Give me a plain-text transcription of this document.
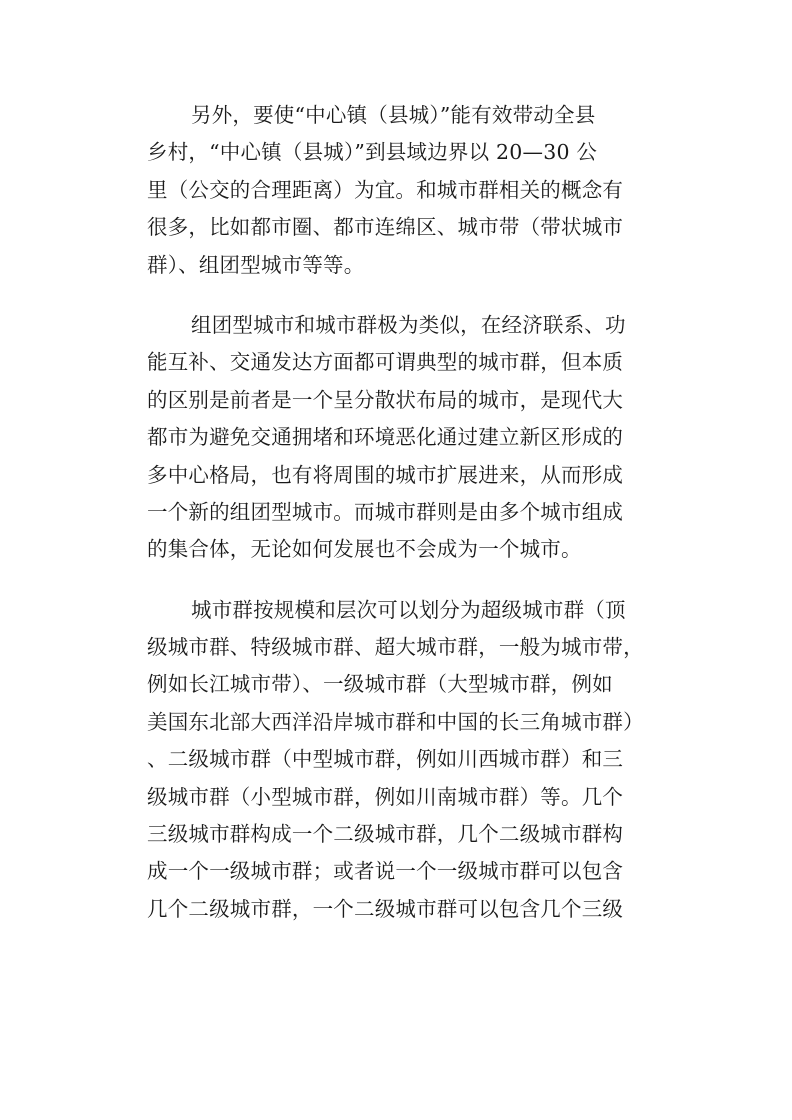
另外，要使“中心镇（县城）”能有效带动全县
乡村，“中心镇（县城）”到县域边界以 20—30 公
里（公交的合理距离）为宜。和城市群相关的概念有
很多，比如都市圈、都市连绵区、城市带（带状城市
群）、组团型城市等等。
组团型城市和城市群极为类似，在经济联系、功
能互补、交通发达方面都可谓典型的城市群，但本质
的区别是前者是一个呈分散状布局的城市，是现代大
都市为避免交通拥堵和环境恶化通过建立新区形成的
多中心格局，也有将周围的城市扩展进来，从而形成
一个新的组团型城市。而城市群则是由多个城市组成
的集合体，无论如何发展也不会成为一个城市。
城市群按规模和层次可以划分为超级城市群（顶
级城市群、特级城市群、超大城市群，一般为城市带，
例如长江城市带）、一级城市群（大型城市群，例如
美国东北部大西洋沿岸城市群和中国的长三角城市群）
、二级城市群（中型城市群，例如川西城市群）和三
级城市群（小型城市群，例如川南城市群）等。几个
三级城市群构成一个二级城市群，几个二级城市群构
成一个一级城市群；或者说一个一级城市群可以包含
几个二级城市群，一个二级城市群可以包含几个三级
